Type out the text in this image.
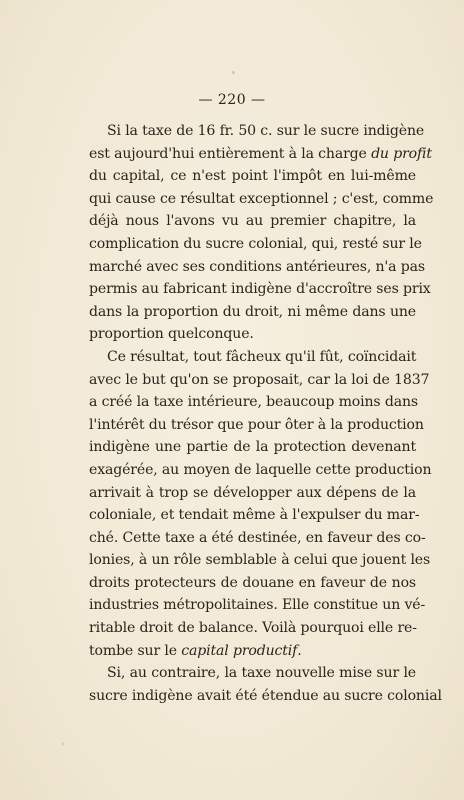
— 220 —
Si la taxe de 16 fr. 50 c. sur le sucre indigène
est aujourd'hui entièrement à la charge du profit
du capital, ce n'est point l'impôt en lui-même
qui cause ce résultat exceptionnel ; c'est, comme
déjà nous l'avons vu au premier chapitre, la
complication du sucre colonial, qui, resté sur le
marché avec ses conditions antérieures, n'a pas
permis au fabricant indigène d'accroître ses prix
dans la proportion du droit, ni même dans une
proportion quelconque.
Ce résultat, tout fâcheux qu'il fût, coïncidait
avec le but qu'on se proposait, car la loi de 1837
a créé la taxe intérieure, beaucoup moins dans
l'intérêt du trésor que pour ôter à la production
indigène une partie de la protection devenant
exagérée, au moyen de laquelle cette production
arrivait à trop se développer aux dépens de la
coloniale, et tendait même à l'expulser du mar-
ché. Cette taxe a été destinée, en faveur des co-
lonies, à un rôle semblable à celui que jouent les
droits protecteurs de douane en faveur de nos
industries métropolitaines. Elle constitue un vé-
ritable droit de balance. Voilà pourquoi elle re-
tombe sur le capital productif.
Si, au contraire, la taxe nouvelle mise sur le
sucre indigène avait été étendue au sucre colonial
